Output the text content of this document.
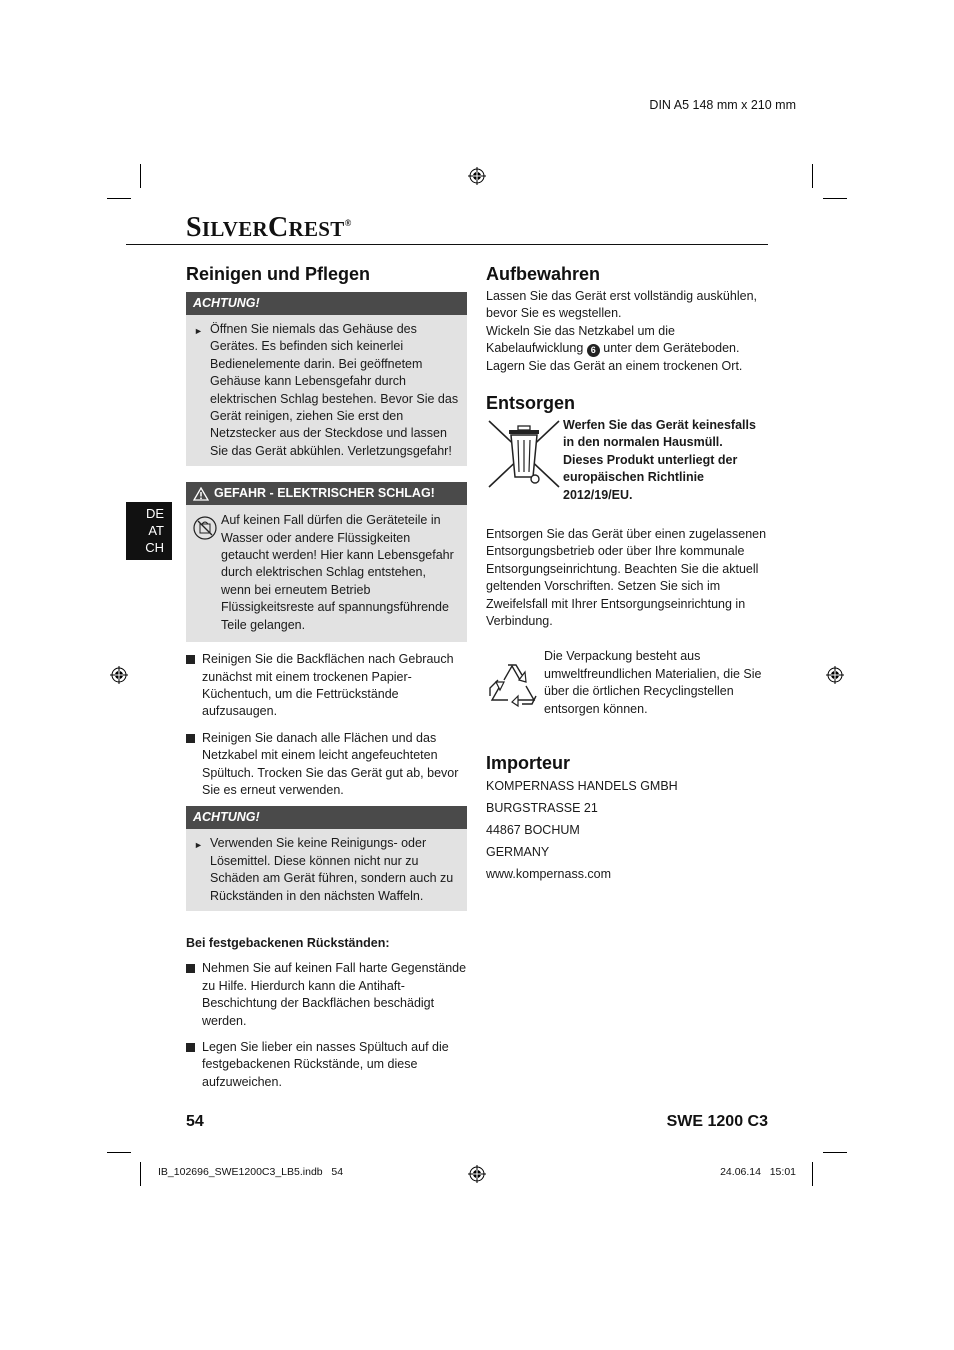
DIN A5 148 mm x 210 mm
SILVERCREST®
DE
AT
CH
Reinigen und Pflegen
ACHTUNG!
► Öffnen Sie niemals das Gehäuse des Gerätes. Es befinden sich keinerlei Bedienelemente darin. Bei geöffnetem Gehäuse kann Lebensgefahr durch elektrischen Schlag bestehen. Bevor Sie das Gerät reinigen, ziehen Sie erst den Netzstecker aus der Steckdose und lassen Sie das Gerät abkühlen. Verletzungsgefahr!

GEFAHR - ELEKTRISCHER SCHLAG!

Auf keinen Fall dürfen die Geräteteile in Wasser oder andere Flüssigkeiten getaucht werden! Hier kann Lebensgefahr durch elektrischen Schlag entstehen, wenn bei erneutem Betrieb Flüssigkeitsreste auf spannungsführende Teile gelangen.

Reinigen Sie die Backflächen nach Gebrauch zunächst mit einem trockenen Papier-Küchentuch, um die Fettrückstände aufzusaugen.

Reinigen Sie danach alle Flächen und das Netzkabel mit einem leicht angefeuchteten Spültuch. Trocken Sie das Gerät gut ab, bevor Sie es erneut verwenden.

ACHTUNG!
► Verwenden Sie keine Reinigungs- oder Lösemittel. Diese können nicht nur zu Schäden am Gerät führen, sondern auch zu Rückständen in den nächsten Waffeln.

Bei festgebackenen Rückständen:

Nehmen Sie auf keinen Fall harte Gegenstände zu Hilfe. Hierdurch kann die Antihaft-Beschichtung der Backflächen beschädigt werden.

Legen Sie lieber ein nasses Spültuch auf die festgebackenen Rückstände, um diese aufzuweichen.

Aufbewahren

Lassen Sie das Gerät erst vollständig auskühlen, bevor Sie es wegstellen.

Wickeln Sie das Netzkabel um die Kabelaufwicklung 6 unter dem Geräteboden.

Lagern Sie das Gerät an einem trockenen Ort.

Entsorgen

Werfen Sie das Gerät keinesfalls in den normalen Hausmüll. Dieses Produkt unterliegt der europäischen Richtlinie 2012/19/EU.

Entsorgen Sie das Gerät über einen zugelassenen Entsorgungsbetrieb oder über Ihre kommunale Entsorgungseinrichtung. Beachten Sie die aktuell geltenden Vorschriften. Setzen Sie sich im Zweifelsfall mit Ihrer Entsorgungseinrichtung in Verbindung.

Die Verpackung besteht aus umweltfreundlichen Materialien, die Sie über die örtlichen Recyclingstellen entsorgen können.

Importeur
KOMPERNASS HANDELS GMBH
BURGSTRASSE 21
44867 BOCHUM
GERMANY
www.kompernass.com
54	SWE 1200 C3
IB_102696_SWE1200C3_LB5.indb   54	24.06.14   15:01
